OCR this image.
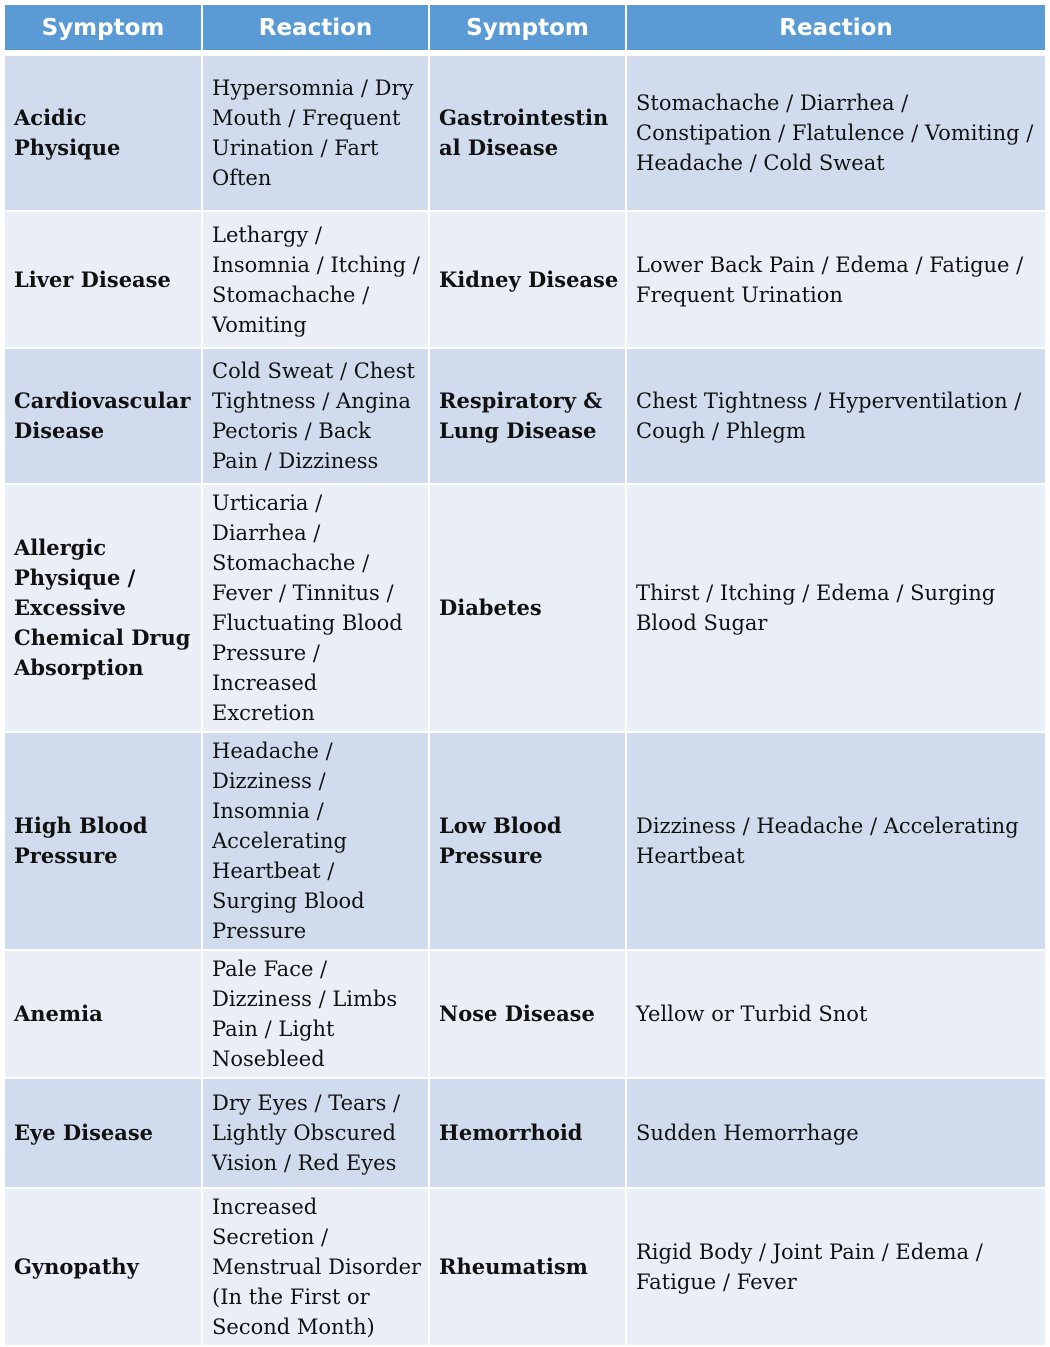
Symptom	Reaction	Symptom	Reaction
Acidic Physique	Hypersomnia / Dry Mouth / Frequent Urination / Fart Often	Gastrointestinal Disease	Stomachache / Diarrhea / Constipation / Flatulence / Vomiting / Headache / Cold Sweat
Liver Disease	Lethargy / Insomnia / Itching / Stomachache / Vomiting	Kidney Disease	Lower Back Pain / Edema / Fatigue / Frequent Urination
Cardiovascular Disease	Cold Sweat / Chest Tightness / Angina Pectoris / Back Pain / Dizziness	Respiratory & Lung Disease	Chest Tightness / Hyperventilation / Cough / Phlegm
Allergic Physique / Excessive Chemical Drug Absorption	Urticaria / Diarrhea / Stomachache / Fever / Tinnitus / Fluctuating Blood Pressure / Increased Excretion	Diabetes	Thirst / Itching / Edema / Surging Blood Sugar
High Blood Pressure	Headache / Dizziness / Insomnia / Accelerating Heartbeat / Surging Blood Pressure	Low Blood Pressure	Dizziness / Headache / Accelerating Heartbeat
Anemia	Pale Face / Dizziness / Limbs Pain / Light Nosebleed	Nose Disease	Yellow or Turbid Snot
Eye Disease	Dry Eyes / Tears / Lightly Obscured Vision / Red Eyes	Hemorrhoid	Sudden Hemorrhage
Gynopathy	Increased Secretion / Menstrual Disorder (In the First or Second Month)	Rheumatism	Rigid Body / Joint Pain / Edema / Fatigue / Fever
